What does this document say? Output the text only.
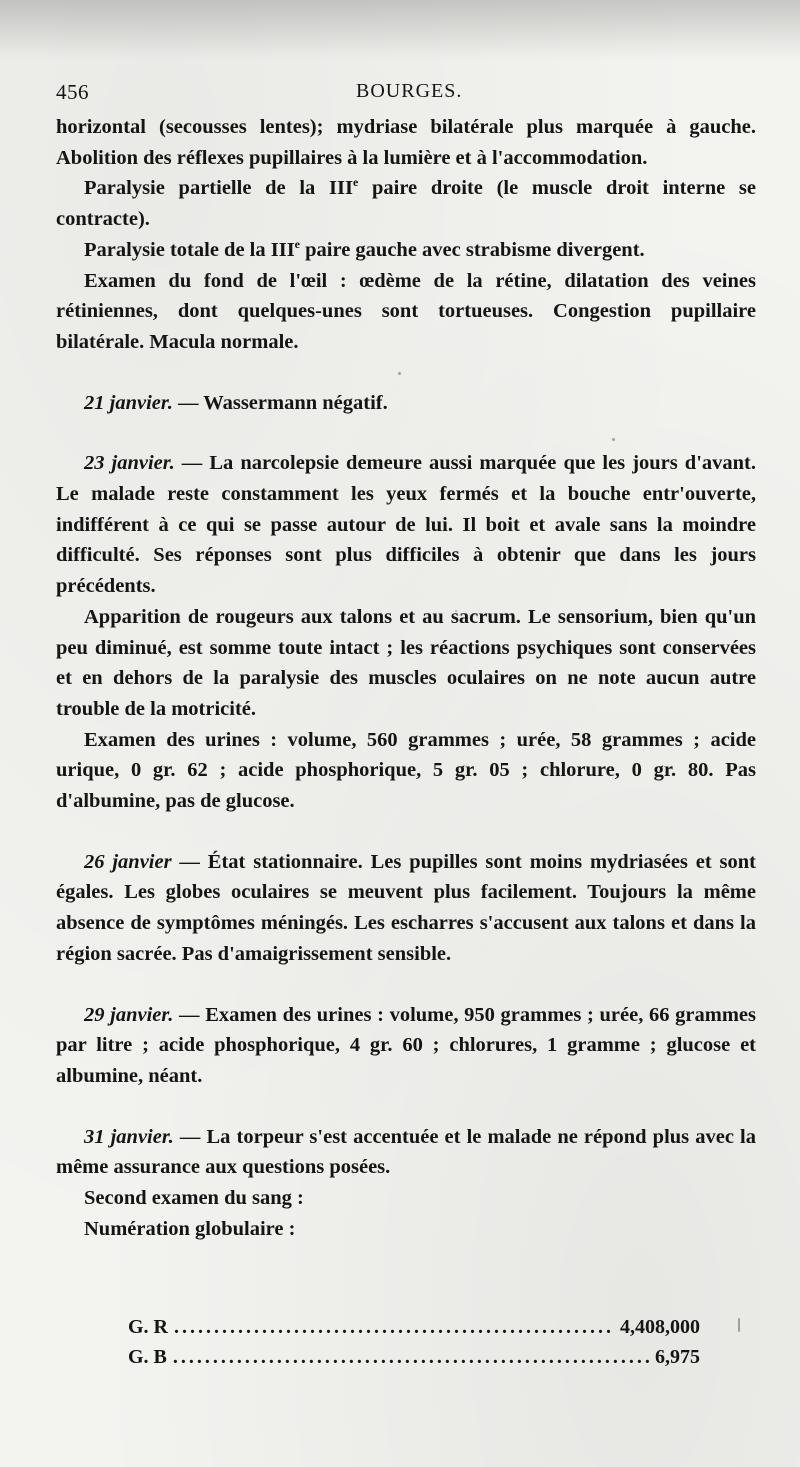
456	BOURGES.

horizontal (secousses lentes); mydriase bilatérale plus marquée à gauche. Abolition des réflexes pupillaires à la lumière et à l'accommodation.

Paralysie partielle de la IIIe paire droite (le muscle droit interne se contracte).

Paralysie totale de la IIIe paire gauche avec strabisme divergent.

Examen du fond de l'œil : œdème de la rétine, dilatation des veines rétiniennes, dont quelques-unes sont tortueuses. Congestion pupillaire bilatérale. Macula normale.

21 janvier. — Wassermann négatif.

23 janvier. — La narcolepsie demeure aussi marquée que les jours d'avant. Le malade reste constamment les yeux fermés et la bouche entr'ouverte, indifférent à ce qui se passe autour de lui. Il boit et avale sans la moindre difficulté. Ses réponses sont plus difficiles à obtenir que dans les jours précédents.

Apparition de rougeurs aux talons et au sacrum. Le sensorium, bien qu'un peu diminué, est somme toute intact ; les réactions psychiques sont conservées et en dehors de la paralysie des muscles oculaires on ne note aucun autre trouble de la motricité.

Examen des urines : volume, 560 grammes ; urée, 58 grammes ; acide urique, 0 gr. 62 ; acide phosphorique, 5 gr. 05 ; chlorure, 0 gr. 80. Pas d'albumine, pas de glucose.

26 janvier — État stationnaire. Les pupilles sont moins mydriasées et sont égales. Les globes oculaires se meuvent plus facilement. Toujours la même absence de symptômes méningés. Les escharres s'accusent aux talons et dans la région sacrée. Pas d'amaigrissement sensible.

29 janvier. — Examen des urines : volume, 950 grammes ; urée, 66 grammes par litre ; acide phosphorique, 4 gr. 60 ; chlorures, 1 gramme ; glucose et albumine, néant.

31 janvier. — La torpeur s'est accentuée et le malade ne répond plus avec la même assurance aux questions posées.

Second examen du sang :

Numération globulaire :

G. R .....	4,408,000
G. B .....	6,975
